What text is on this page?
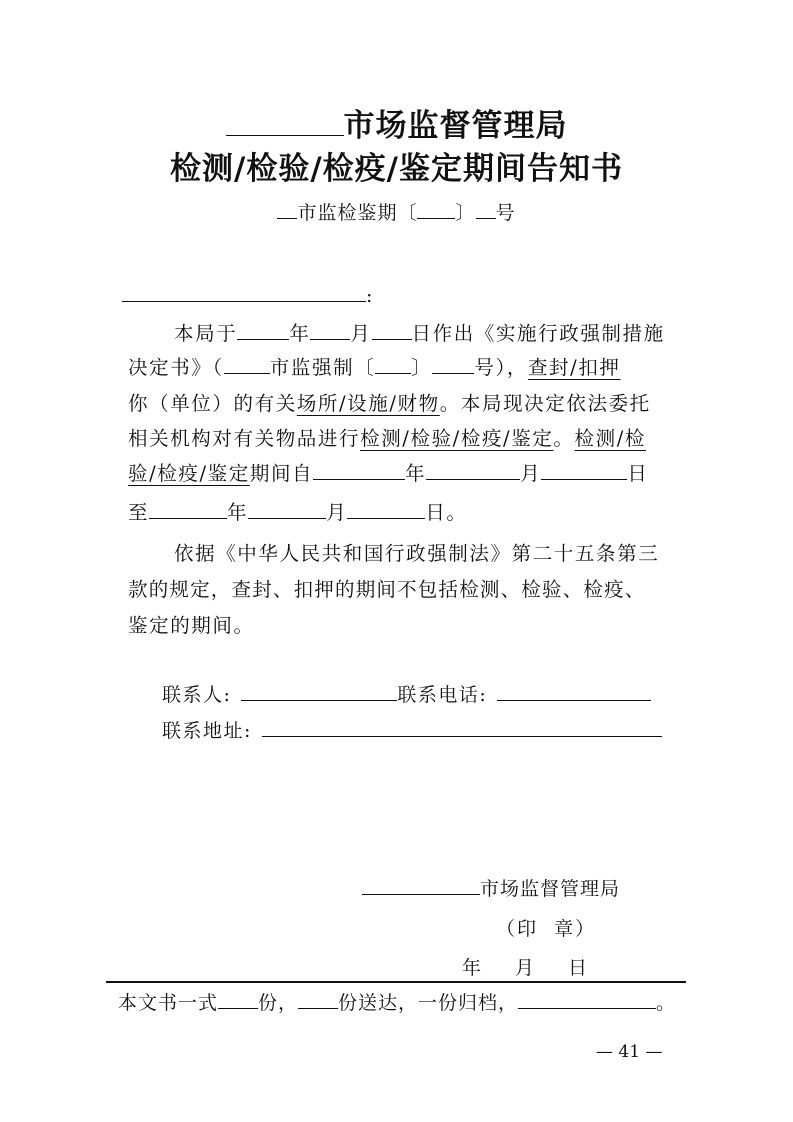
市场监督管理局
检测/检验/检疫/鉴定期间告知书
市监检鉴期〔 〕 号
:
本局于	年 月 日作出《实施行政强制措施
决定书》（ 市监强制〔 〕 号），查封/扣押
你（单位）的有关场所/设施/财物。本局现决定依法委托
相关机构对有关物品进行检测/检验/检疫/鉴定。检测/检
验/检疫/鉴定期间自	年	月	日
至	年	月	日。
依据《中华人民共和国行政强制法》第二十五条第三
款的规定，查封、扣押的期间不包括检测、检验、检疫、
鉴定的期间。
联系人:	联系电话:
联系地址:
市场监督管理局
（印  章）
年 月 日
本文书一式 份， 份送达，一份归档，	。
— 41 —
